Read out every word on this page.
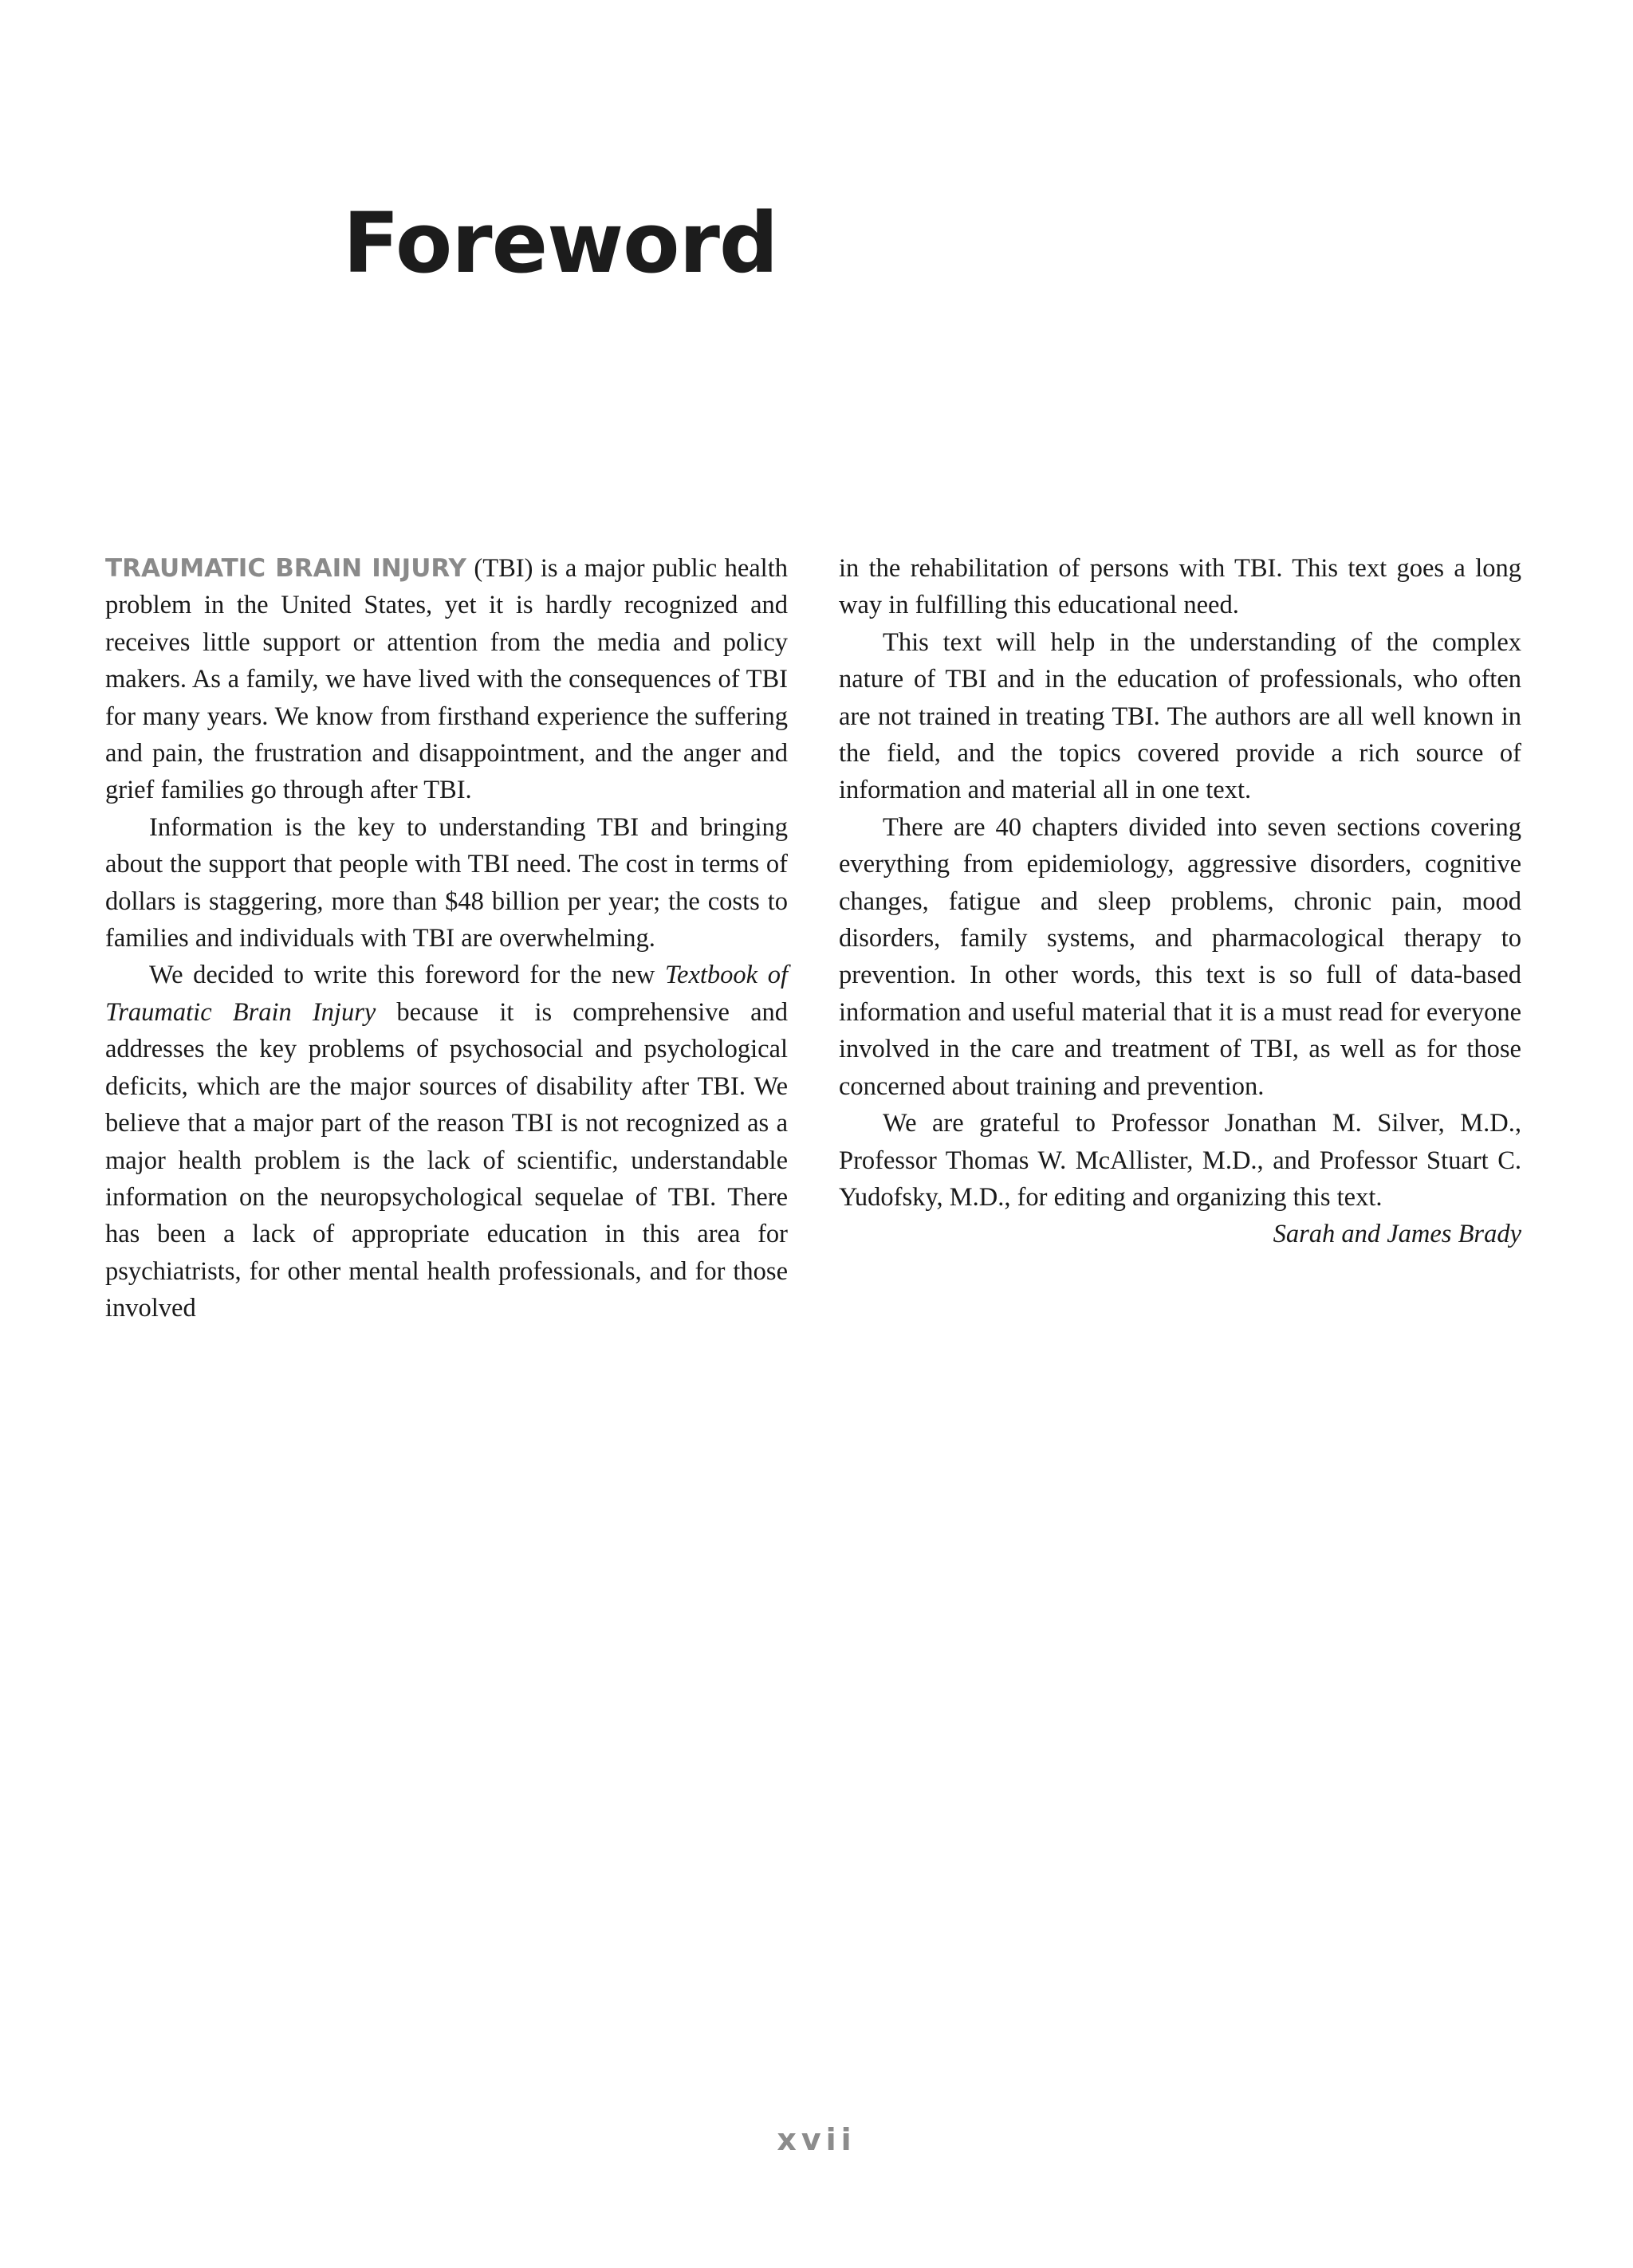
Foreword

TRAUMATIC BRAIN INJURY (TBI) is a major public health problem in the United States, yet it is hardly recognized and receives little support or attention from the media and policy makers. As a family, we have lived with the consequences of TBI for many years. We know from firsthand experience the suffering and pain, the frustration and disappointment, and the anger and grief families go through after TBI.

Information is the key to understanding TBI and bringing about the support that people with TBI need. The cost in terms of dollars is staggering, more than $48 billion per year; the costs to families and individuals with TBI are overwhelming.

We decided to write this foreword for the new Textbook of Traumatic Brain Injury because it is comprehensive and addresses the key problems of psychosocial and psychological deficits, which are the major sources of disability after TBI. We believe that a major part of the reason TBI is not recognized as a major health problem is the lack of scientific, understandable information on the neuropsychological sequelae of TBI. There has been a lack of appropriate education in this area for psychiatrists, for other mental health professionals, and for those involved

in the rehabilitation of persons with TBI. This text goes a long way in fulfilling this educational need.

This text will help in the understanding of the complex nature of TBI and in the education of professionals, who often are not trained in treating TBI. The authors are all well known in the field, and the topics covered provide a rich source of information and material all in one text.

There are 40 chapters divided into seven sections covering everything from epidemiology, aggressive disorders, cognitive changes, fatigue and sleep problems, chronic pain, mood disorders, family systems, and pharmacological therapy to prevention. In other words, this text is so full of data-based information and useful material that it is a must read for everyone involved in the care and treatment of TBI, as well as for those concerned about training and prevention.

We are grateful to Professor Jonathan M. Silver, M.D., Professor Thomas W. McAllister, M.D., and Professor Stuart C. Yudofsky, M.D., for editing and organizing this text.

Sarah and James Brady

xvii
